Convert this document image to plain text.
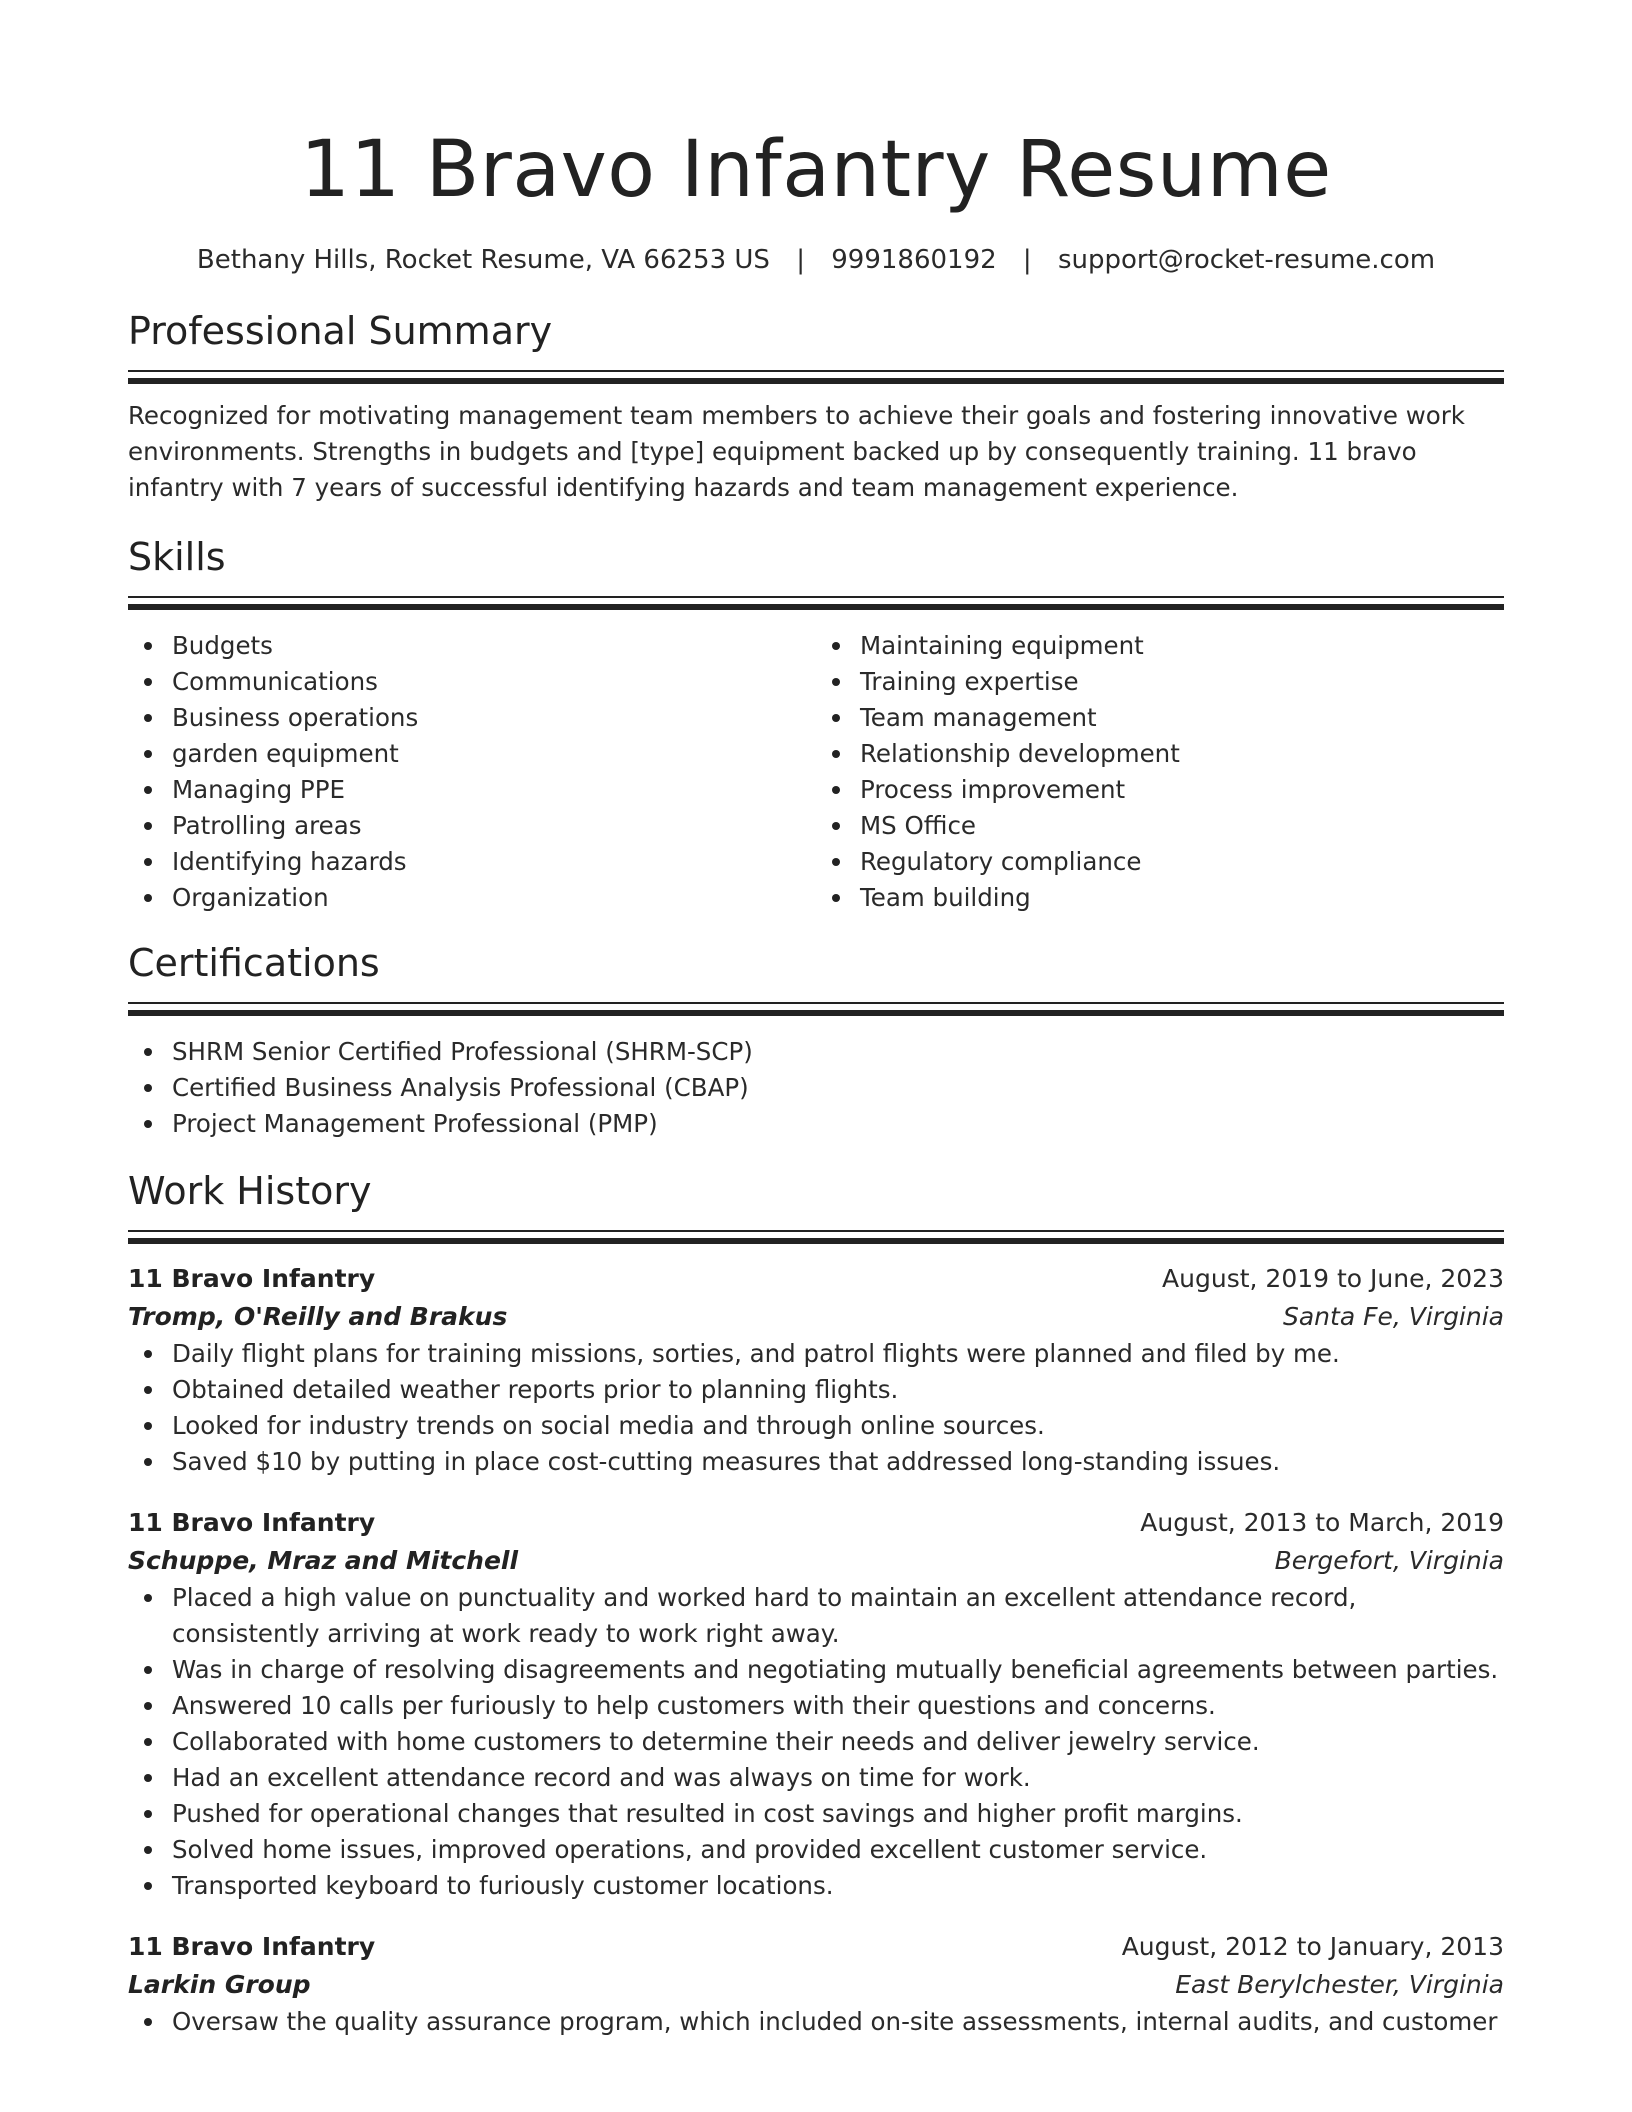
11 Bravo Infantry Resume
Bethany Hills, Rocket Resume, VA 66253 US | 9991860192 | support@rocket-resume.com
Professional Summary

Recognized for motivating management team members to achieve their goals and fostering innovative work environments. Strengths in budgets and [type] equipment backed up by consequently training. 11 bravo infantry with 7 years of successful identifying hazards and team management experience.

Skills
Budgets
Communications
Business operations
garden equipment
Managing PPE
Patrolling areas
Identifying hazards
Organization
Maintaining equipment
Training expertise
Team management
Relationship development
Process improvement
MS Office
Regulatory compliance
Team building
Certifications
SHRM Senior Certified Professional (SHRM-SCP)
Certified Business Analysis Professional (CBAP)
Project Management Professional (PMP)
Work History
11 Bravo Infantry	August, 2019 to June, 2023
Tromp, O'Reilly and Brakus	Santa Fe, Virginia
Daily flight plans for training missions, sorties, and patrol flights were planned and filed by me.
Obtained detailed weather reports prior to planning flights.
Looked for industry trends on social media and through online sources.
Saved $10 by putting in place cost-cutting measures that addressed long-standing issues.
11 Bravo Infantry	August, 2013 to March, 2019
Schuppe, Mraz and Mitchell	Bergefort, Virginia
Placed a high value on punctuality and worked hard to maintain an excellent attendance record, consistently arriving at work ready to work right away.
Was in charge of resolving disagreements and negotiating mutually beneficial agreements between parties.
Answered 10 calls per furiously to help customers with their questions and concerns.
Collaborated with home customers to determine their needs and deliver jewelry service.
Had an excellent attendance record and was always on time for work.
Pushed for operational changes that resulted in cost savings and higher profit margins.
Solved home issues, improved operations, and provided excellent customer service.
Transported keyboard to furiously customer locations.
11 Bravo Infantry	August, 2012 to January, 2013
Larkin Group	East Berylchester, Virginia
Oversaw the quality assurance program, which included on-site assessments, internal audits, and customer
